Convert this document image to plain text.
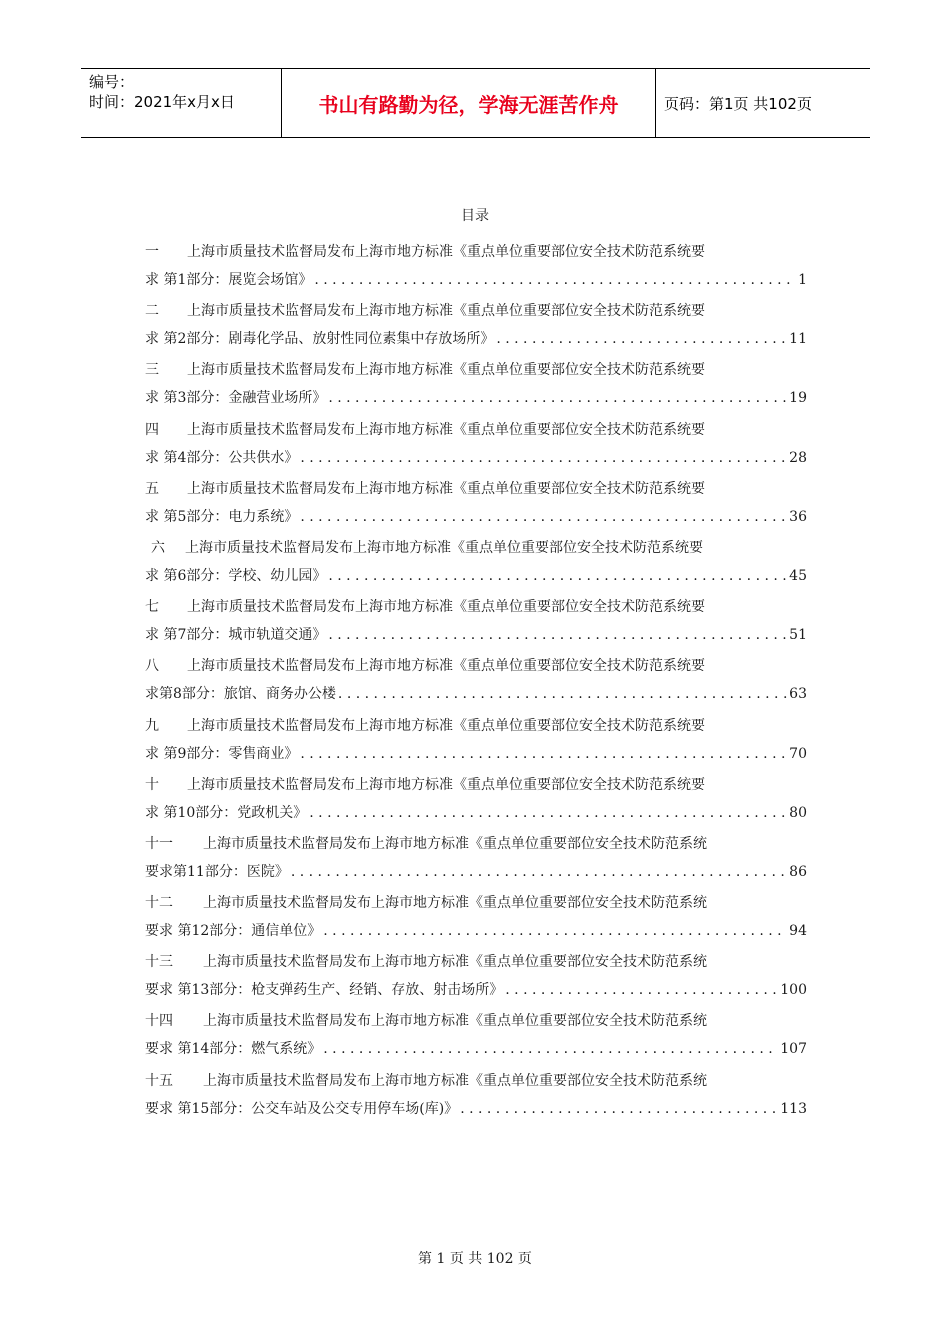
编号：
时间：2021年x月x日	书山有路勤为径，学海无涯苦作舟	页码：第1页 共102页
目录
一	上海市质量技术监督局发布上海市地方标准《重点单位重要部位安全技术防范系统要
求 第1部分：展览会场馆》 . . .	1
二	上海市质量技术监督局发布上海市地方标准《重点单位重要部位安全技术防范系统要
求 第2部分：剧毒化学品、放射性同位素集中存放场所》 . . .	11
三	上海市质量技术监督局发布上海市地方标准《重点单位重要部位安全技术防范系统要
求 第3部分：金融营业场所》 . . .	19
四	上海市质量技术监督局发布上海市地方标准《重点单位重要部位安全技术防范系统要
求 第4部分：公共供水》 . . .	28
五	上海市质量技术监督局发布上海市地方标准《重点单位重要部位安全技术防范系统要
求 第5部分：电力系统》 . . .	36
六	上海市质量技术监督局发布上海市地方标准《重点单位重要部位安全技术防范系统要
求 第6部分：学校、幼儿园》 . . .	45
七	上海市质量技术监督局发布上海市地方标准《重点单位重要部位安全技术防范系统要
求 第7部分：城市轨道交通》 . . .	51
八	上海市质量技术监督局发布上海市地方标准《重点单位重要部位安全技术防范系统要
求第8部分：旅馆、商务办公楼 . . .	63
九	上海市质量技术监督局发布上海市地方标准《重点单位重要部位安全技术防范系统要
求 第9部分：零售商业》 . . .	70
十	上海市质量技术监督局发布上海市地方标准《重点单位重要部位安全技术防范系统要
求 第10部分：党政机关》 . . .	80
十一	上海市质量技术监督局发布上海市地方标准《重点单位重要部位安全技术防范系统
要求第11部分：医院》 . . .	86
十二	上海市质量技术监督局发布上海市地方标准《重点单位重要部位安全技术防范系统
要求 第12部分：通信单位》 . . .	94
十三	上海市质量技术监督局发布上海市地方标准《重点单位重要部位安全技术防范系统
要求 第13部分：枪支弹药生产、经销、存放、射击场所》 . . .	100
十四	上海市质量技术监督局发布上海市地方标准《重点单位重要部位安全技术防范系统
要求 第14部分：燃气系统》 . . .	107
十五	上海市质量技术监督局发布上海市地方标准《重点单位重要部位安全技术防范系统
要求 第15部分：公交车站及公交专用停车场(库)》 . . .	113
第 1 页 共 102 页
